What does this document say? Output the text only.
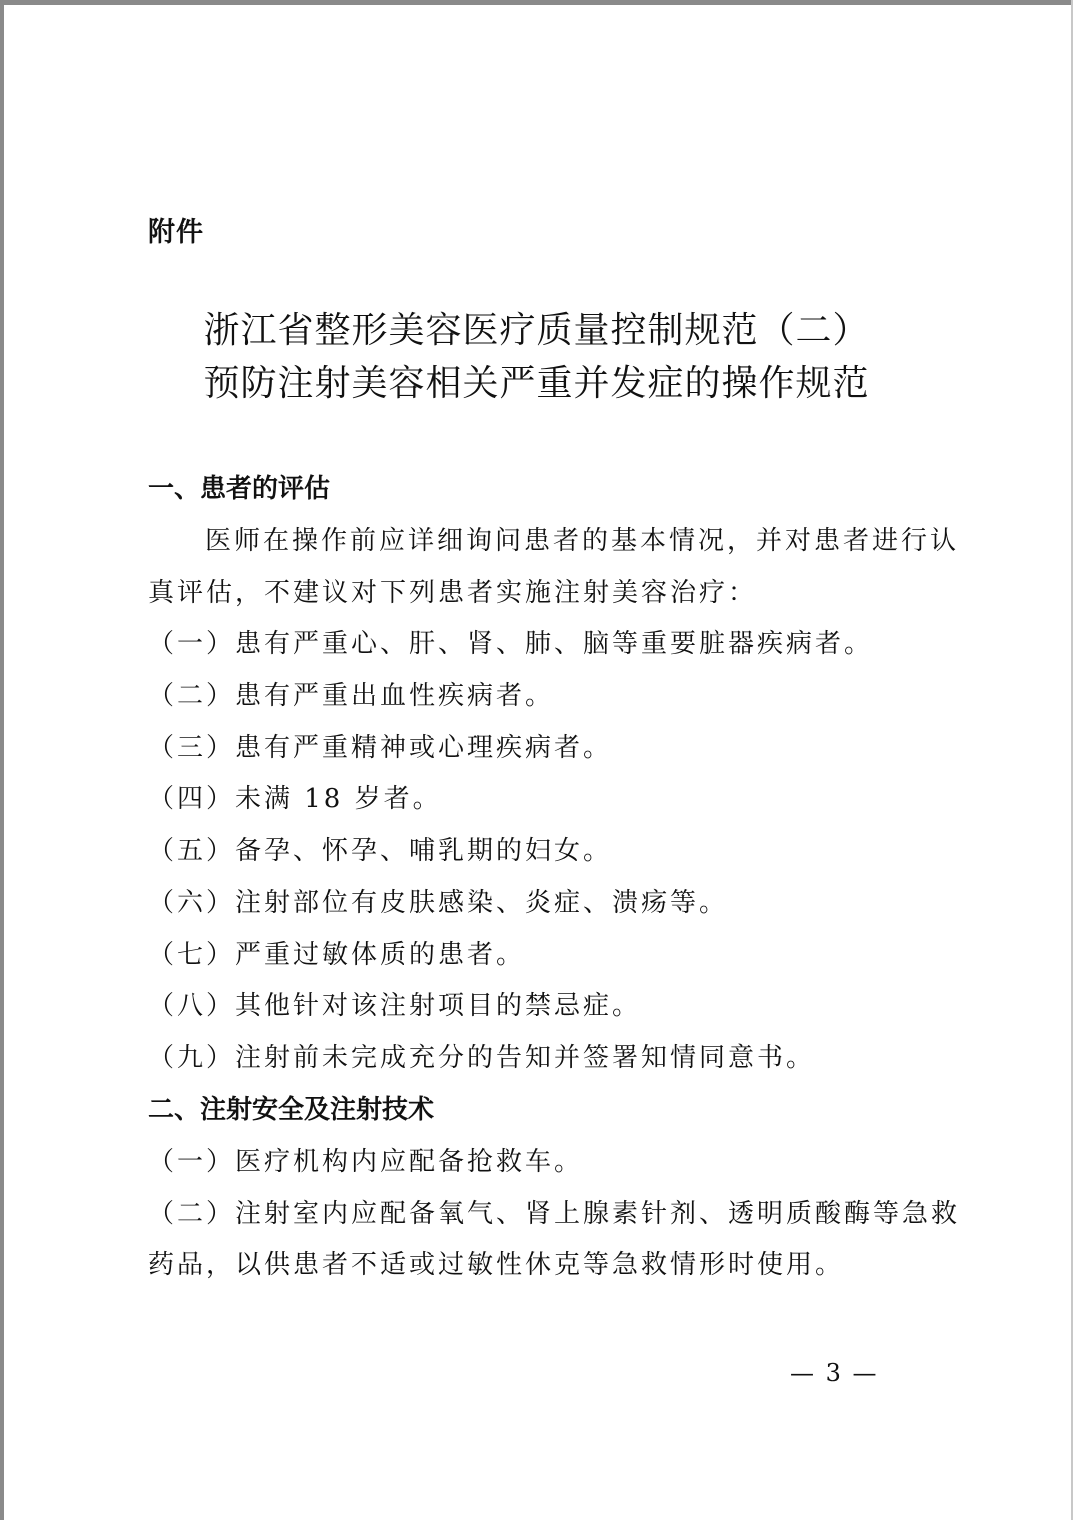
附件
浙江省整形美容医疗质量控制规范（二）
预防注射美容相关严重并发症的操作规范
一、患者的评估
医师在操作前应详细询问患者的基本情况，并对患者进行认
真评估，不建议对下列患者实施注射美容治疗：
（一）患有严重心、肝、肾、肺、脑等重要脏器疾病者。
（二）患有严重出血性疾病者。
（三）患有严重精神或心理疾病者。
（四）未满 18 岁者。
（五）备孕、怀孕、哺乳期的妇女。
（六）注射部位有皮肤感染、炎症、溃疡等。
（七）严重过敏体质的患者。
（八）其他针对该注射项目的禁忌症。
（九）注射前未完成充分的告知并签署知情同意书。
二、注射安全及注射技术
（一）医疗机构内应配备抢救车。
（二）注射室内应配备氧气、肾上腺素针剂、透明质酸酶等急救
药品，以供患者不适或过敏性休克等急救情形时使用。
— 3 —
